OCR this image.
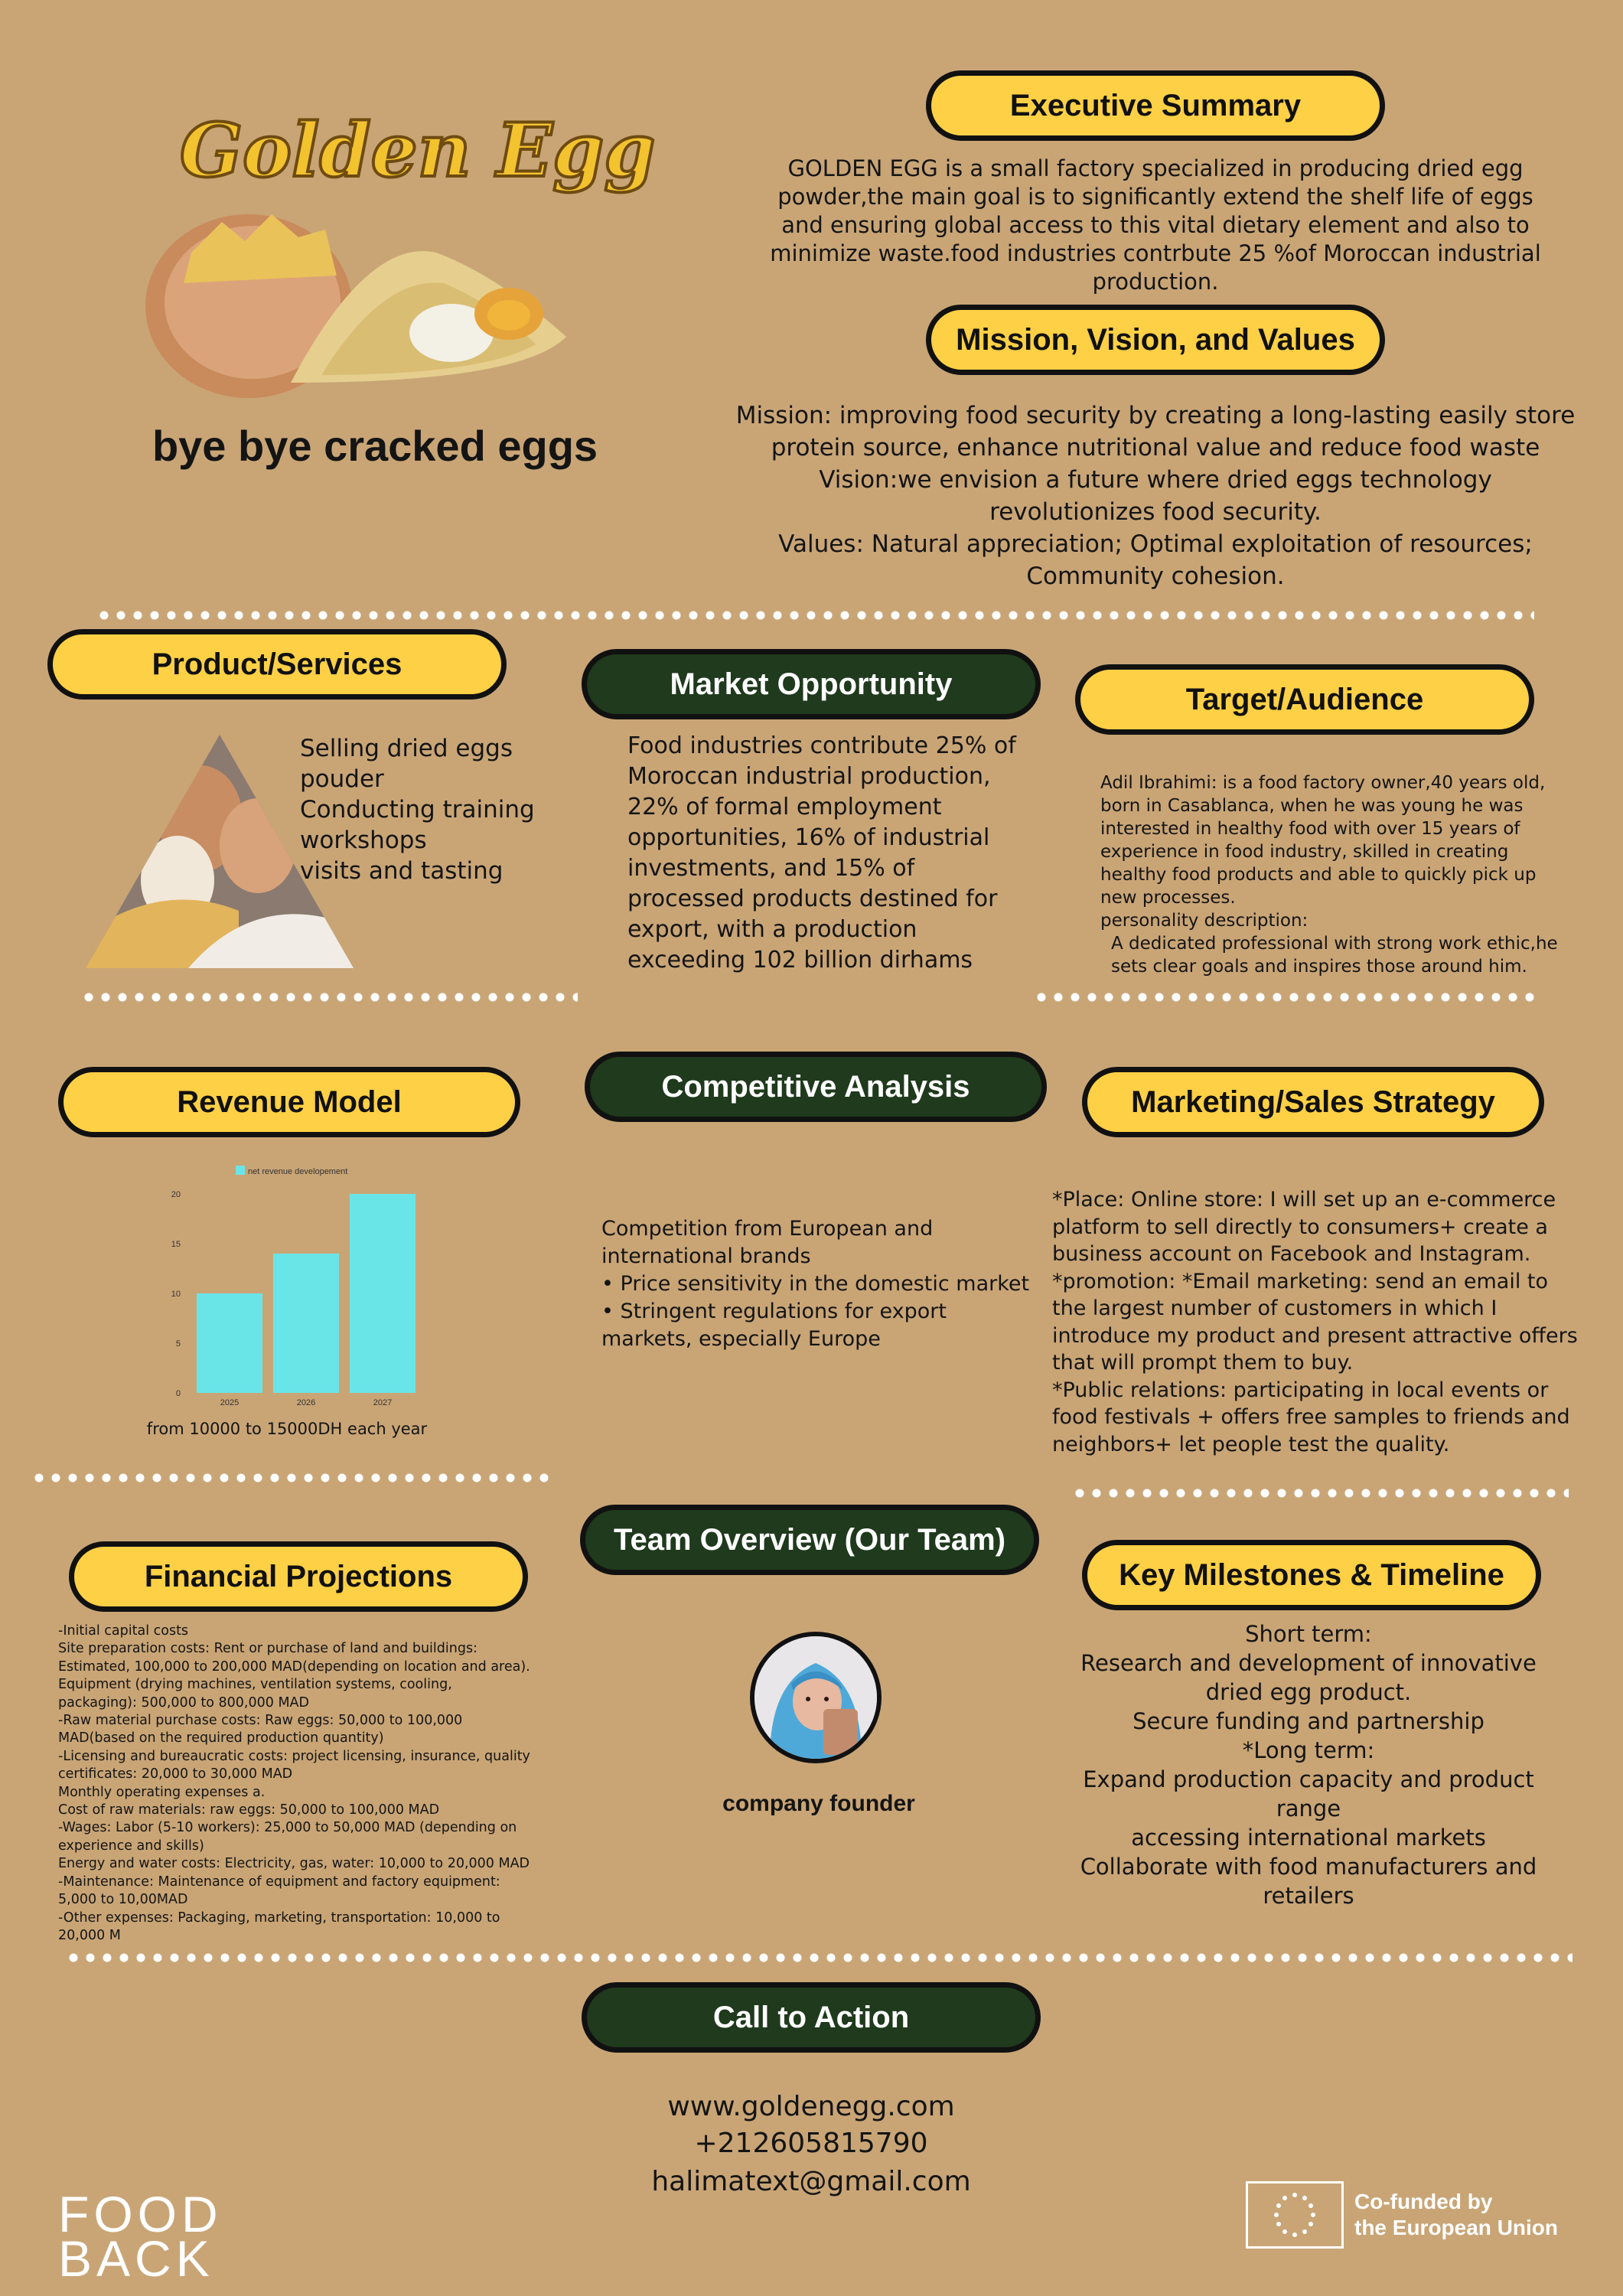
Golden Egg
bye bye cracked eggs
Executive Summary
GOLDEN EGG is a small factory specialized in producing dried egg powder,the main goal is to significantly extend the shelf life of eggs and ensuring global access to this vital dietary element and also to minimize waste.food industries contrbute 25 %of Moroccan industrial production.
Mission, Vision, and Values
Mission: improving food security by creating a long-lasting easily store protein source, enhance nutritional value and reduce food waste
Vision:we envision a future where dried eggs technology revolutionizes food security.
Values: Natural appreciation; Optimal exploitation of resources; Community cohesion.
Product/Services
Selling dried eggs
pouder
Conducting training
workshops
visits and tasting
Market Opportunity
Food industries contribute 25% of Moroccan industrial production, 22% of formal employment opportunities, 16% of industrial investments, and 15% of processed products destined for export, with a production exceeding 102 billion dirhams
Target/Audience
Adil Ibrahimi: is a food factory owner,40 years old, born in Casablanca, when he was young he was interested in healthy food with over 15 years of experience in food industry, skilled in creating healthy food products and able to quickly pick up new processes.
personality description:
A dedicated professional with strong work ethic,he sets clear goals and inspires those around him.
Revenue Model
net revenue developement
0
5
10
15
20
2025	2026	2027
from 10000 to 15000DH each year
Competitive Analysis
Competition from European and international brands
• Price sensitivity in the domestic market
• Stringent regulations for export markets, especially Europe
Marketing/Sales Strategy
*Place: Online store: I will set up an e-commerce platform to sell directly to consumers+ create a business account on Facebook and Instagram.
*promotion: *Email marketing: send an email to the largest number of customers in which I introduce my product and present attractive offers that will prompt them to buy.
*Public relations: participating in local events or food festivals + offers free samples to friends and neighbors+ let people test the quality.
Financial Projections
-Initial capital costs
Site preparation costs: Rent or purchase of land and buildings: Estimated, 100,000 to 200,000 MAD(depending on location and area).
Equipment (drying machines, ventilation systems, cooling, packaging): 500,000 to 800,000 MAD
-Raw material purchase costs: Raw eggs: 50,000 to 100,000 MAD(based on the required production quantity)
-Licensing and bureaucratic costs: project licensing, insurance, quality certificates: 20,000 to 30,000 MAD
Monthly operating expenses a.
Cost of raw materials: raw eggs: 50,000 to 100,000 MAD
-Wages: Labor (5-10 workers): 25,000 to 50,000 MAD (depending on experience and skills)
Energy and water costs: Electricity, gas, water: 10,000 to 20,000 MAD
-Maintenance: Maintenance of equipment and factory equipment: 5,000 to 10,00MAD
-Other expenses: Packaging, marketing, transportation: 10,000 to 20,000 M
Team Overview (Our Team)
company founder
Key Milestones & Timeline
Short term:
Research and development of innovative dried egg product.
Secure funding and partnership
*Long term:
Expand production capacity and product range
accessing international markets
Collaborate with food manufacturers and retailers
Call to Action
www.goldenegg.com
+212605815790
halimatext@gmail.com
FOOD
BACK
Co-funded by
the European Union
